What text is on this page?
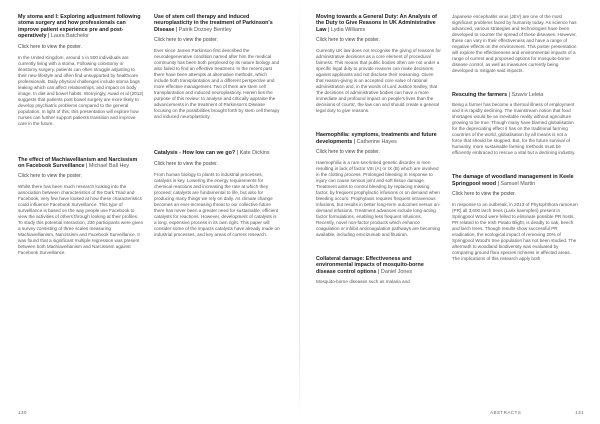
My stoma and I: Exploring adjustment following stoma surgery and how professionals can improve patient experience pre and post-operatively | Laura Batchelor
Click here to view the poster.

In the United Kingdom, around 1 in 500 individuals are currently living with a stoma. Following colostomy or ileostomy surgery, patients can often struggle adjusting to their new lifestyle and often find unsupported by healthcare professionals. Daily physical challenges include stoma bags leaking which can affect relationships, and impact on body image. In diet and bowel habits. Worryingly, Awad et al (2012) suggests that patients post bowel surgery are more likely to develop psychiatric problems compared to the general population. In light of this, this presentation will explore how nurses can further support patients transition and improve care in the future.

The effect of Machiavellianism and Narcissism on Facebook Surveillance | Michael Ball Hey
Click here to view the poster.

Whilst there has been much research looking into the association between characteristics of the Dark Triad and Facebook, very few have looked at how these characteristics could influence Facebook Surveillance. This type of surveillance is based on the way people use Facebook to view the activities of others through looking at their profiles. To study this potential interaction, 230 participants were given a survey consisting of three scales measuring Machiavellianism, Narcissism and Facebook Surveillance. It was found that a significant multiple regression was present between both Machiavellianism and Narcissism against Facebook Surveillance.

Use of stem cell therapy and induced neuroplasticity in the treatment of Parkinson's Disease | Patrik Dozsey Bentley
Click here to view the poster.

Ever since James Parkinson first described the neurodegenerative condition named after him the medical community has been both perplexed by its nature biology and also failed to find an effective treatment. In the recent past there have been attempts at alternative methods, which include both transplantation and a different perspective and more effective management. Two of them are stem cell transplantation and induced neuroplasticity. Herein lies the purpose of this review: to analyse and critically appraise the advancements in the treatment of Parkinson's Disease focusing on the possibilities brought forth by stem cell therapy and induced neuroplasticity.

Catalysis - How low can we go? | Kate Dickins
Click here to view the poster.

From human biology to plants to industrial processes, catalysis is key. Lowering the energy requirements for chemical reactions and increasing the rate at which they proceed; catalysts are fundamental to life, but also for producing many things we rely on daily. As climate change becomes an ever-increasing threat to our collective future there has never been a greater need for sustainable, efficient catalysts for reactions. However, development of catalysts is a long, expensive process in its own right. This paper will consider some of the impacts catalysts have already made on industrial processes, and key areas of current research.

130
Moving towards a General Duty: An Analysis of the Duty to Give Reasons in UK Administrative Law | Lydia Williams
Click here to view the poster.

Currently UK law does not recognise the giving of reasons for administrative decisions as a core element of procedural fairness. This means that public bodies often are not under a specific legal duty to provide reasons can make decisions against applicants and not disclose their reasoning. Given that reason-giving is an accepted core value of rational administration and, in the words of Lord Justice Sedley, that 'the decisions of administrative bodies can have a more immediate and profound impact on people's lives than the decisions of courts', the law can and should create a general legal duty to give reasons.

Haemophilia: symptoms, treatments and future developments | Catherine Hayes
Click here to view the poster.

Haemophilia is a rare sex-linked genetic disorder in men resulting in lack of factor VIII (A) or IX (B) which are involved in the clotting process. Prolonged bleeding in response to injury can cause serious joint and soft tissue damage. Treatment aims to control bleeding by replacing missing factor, by frequent prophylactic infusions or on demand when bleeding occurs. Prophylaxis requires frequent intravenous infusions, but results in better long-term outcomes versus on-demand infusions. Treatment advances include long-acting factor formulations, enabling less frequent infusions. Recently, novel non-factor products which enhance coagulation or inhibit anticoagulation pathways are becoming available, including emicizumab and fitusiran.

Collateral damage: Effectiveness and environmental impacts of mosquito-borne disease control options | Daniel Jones

Mosquito-borne diseases such as malaria and

Japanese encephalitis virus (JEV) are one of the most significant problems faced by humanity today. As science has advanced, various strategies and technologies have been developed to counter the spread of these diseases. However, these can vary in their effectiveness and have a range of negative effects on the environment. This poster presentation will explore the effectiveness and environmental impacts of a range of current and proposed options for mosquito-borne disease control, as well as measures currently being developed to mitigate said impacts.

Rescuing the farmers | Szaviv Leleia

Being a farmer has become a thermal illness of employment and it is rapidly declining. The mainstream notion that food shortages would be an inevitable reality without agriculture growing to be true. Though many have blamed globalisation for the depreciating effect it has on the traditional farming countries of the world, globalisation by all means is not a force that should be stopped. But, for the future survival of humanity, more sustainable farming methods must be efficiently embraced to rescue a vital but a declining industry.

The damage of woodland management in Keele Springpool wood | Samuel Martin
Click here to view the poster.

In response to an outbreak, in 2013 of Phytophthora ramorum (PR) all 3,600 larch trees (Larix kaempferi) present in Springpool Wood were felled to eliminate possible PR hosts. PR related to the Irish Potato Blight, is deadly to oak, beech and larch trees. Though results show successful PR eradication, the ecological impact of removing 20% of Springpool Wood's tree population has not been studied. The aftermath to woodland biodiversity was evaluated by comparing ground flora species richness in affected areas. The implications of this research apply both

ABSTRACTS	131
